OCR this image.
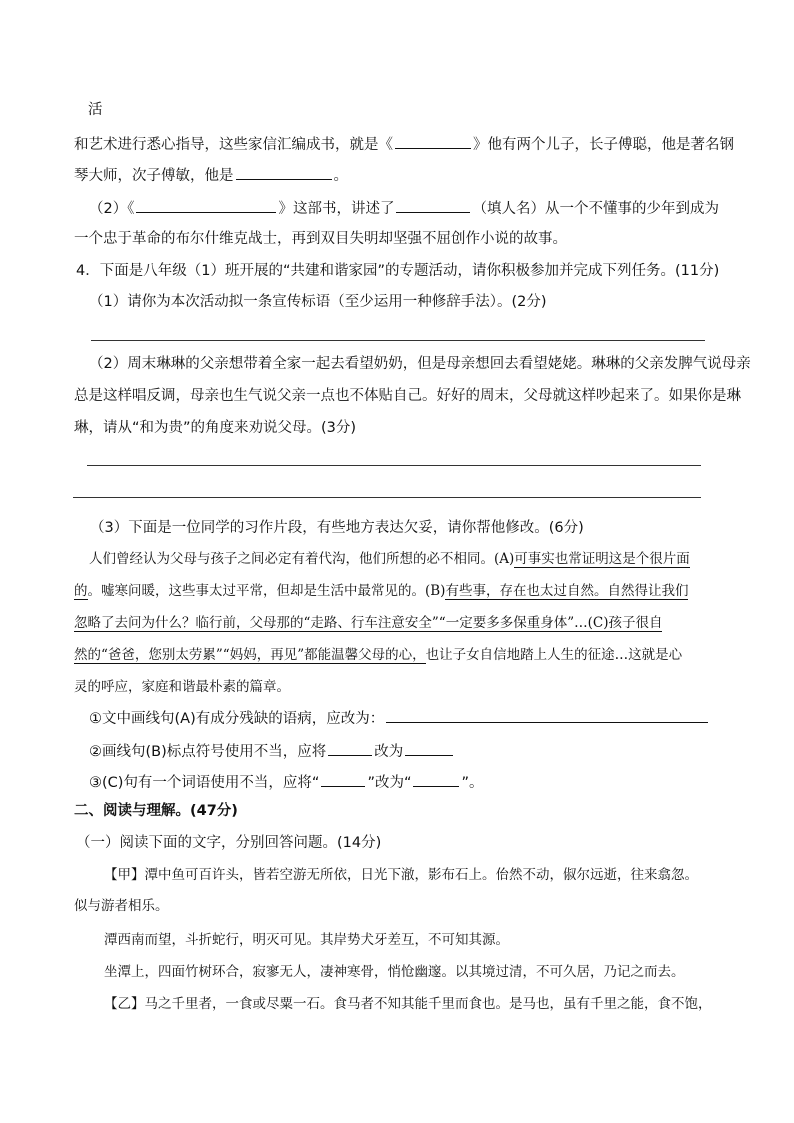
活
和艺术进行悉心指导，这些家信汇编成书，就是《	》他有两个儿子，长子傅聪，他是著名钢
琴大师，次子傅敏，他是	。
（2）《	》这部书，讲述了	（填人名）从一个不懂事的少年到成为
一个忠于革命的布尔什维克战士，再到双目失明却坚强不屈创作小说的故事。
4．下面是八年级（1）班开展的“共建和谐家园”的专题活动，请你积极参加并完成下列任务。(11分)
（1）请你为本次活动拟一条宣传标语（至少运用一种修辞手法）。(2分)
（2）周末琳琳的父亲想带着全家一起去看望奶奶，但是母亲想回去看望姥姥。琳琳的父亲发脾气说母亲
总是这样唱反调，母亲也生气说父亲一点也不体贴自己。好好的周末，父母就这样吵起来了。如果你是琳
琳，请从“和为贵”的角度来劝说父母。(3分)
（3）下面是一位同学的习作片段，有些地方表达欠妥，请你帮他修改。(6分)
人们曾经认为父母与孩子之间必定有着代沟，他们所想的必不相同。(A)可事实也常证明这是个很片面
的。嘘寒问暖，这些事太过平常，但却是生活中最常见的。(B)有些事，存在也太过自然。自然得让我们
忽略了去问为什么？临行前，父母那的“走路、行车注意安全”“一定要多多保重身体”…(C)孩子很自
然的“爸爸，您别太劳累”“妈妈，再见”都能温馨父母的心，也让子女自信地踏上人生的征途…这就是心
灵的呼应，家庭和谐最朴素的篇章。
①文中画线句(A)有成分残缺的语病，应改为：
②画线句(B)标点符号使用不当，应将	改为
③(C)句有一个词语使用不当，应将“	”改为“	”。
二、阅读与理解。(47分)
（一）阅读下面的文字，分别回答问题。(14分)
【甲】潭中鱼可百许头，皆若空游无所依，日光下澈，影布石上。佁然不动，俶尔远逝，往来翕忽。
似与游者相乐。
潭西南而望，斗折蛇行，明灭可见。其岸势犬牙差互，不可知其源。
坐潭上，四面竹树环合，寂寥无人，凄神寒骨，悄怆幽邃。以其境过清，不可久居，乃记之而去。
【乙】马之千里者，一食或尽粟一石。食马者不知其能千里而食也。是马也，虽有千里之能，食不饱，
